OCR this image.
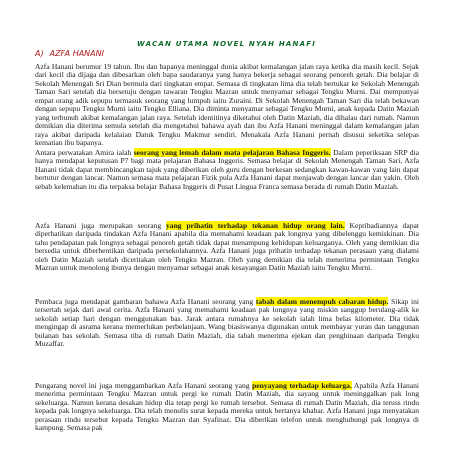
WACAN UTAMA NOVEL NYAH HANAFI
A) AZFA HANANI
Azfa Hanani berumur 19 tahun. Ibu dan bapanya meninggal dunia akibat kemalangan jalan raya ketika dia masih kecil. Sejak dari kecil dia dijaga dan dibesarkan oleh bapa saudaranya yang hanya bekerja sebagai seorang penoreh getah. Dia belajar di Sekolah Menengah Sri Dian bermula dari tingkatan empat. Semasa di tingkatan lima dia telah bertukar ke Sekolah Menengah Taman Sari setelah dia bersetuju dengan tawaran Tengku Mazran untuk menyamar sebagai Tengku Murni. Dai mempunyai empat orang adik sepupu termasuk seorang yang lumpuh iaitu Zuraini. Di Sekolah Menengah Taman Sari dia telah bekawan dengan sepupu Tengku Murni iaitu Tengku Elliana. Dia diminta menyamar sebagai Tengku Murni, anak kepada Datin Maziah yang terbunuh akibat kemalangan jalan raya. Setelah identitinya diketahui oleh Datin Maziah, dia dihalau dari rumah. Namun demikian dia diterima semula setelah dia mengetahui bahawa ayah dan ibu Azfa Hanani meninggal dalam kemalangan jalan raya akibat daripada kelalaian Datuk Tengku Makmur sendiri. Menakala Azfa Hanani pernah disusui seketika selepas kematian ibu bapanya.
Antara perwatakan Amira ialah seorang yang lemah dalam mata pelajaran Bahasa Inggeris. Dalam peperiksaan SRP dia hanya mendapat keputusan P7 bagi mata pelajaran Bahasa Inggeris. Semasa belajar di Sekolah Menengah Taman Sari, Azfa Hanani tidak dapat membincangkan tajuk yang diberikan oleh guru dengan berkesan sedangkan kawan-kawan yang lain dapat bertutur dengan lancar. Namun semasa mata pelajaran Fizik pula Azfa Hanani dapat menjawab dengan lancar dan yakin. Oleh sebab kelemahan itu dia terpaksa belajar Bahasa Inggeris di Pusat Lingua Franca semasa berada di rumah Datin Maziah.
Azfa Hanani juga merupakan seorang yang prihatin terhadap tekanan hidup orang lain. Kepribadiannya dapat diperhatikan daripada tindakan Azfa Hanani apabila dia memahami keadaan pak longnya yang dibelenggu kemiskinan. Dia tahu pendapatan pak longnya sebagai penoreh getah tidak dapat menampung kehidupan keluarganya. Oleh yang demikian dia bersedia untuk diberhentikan daripada persekolahannya. Azfa Hanani juga prihatin terhadap tekanan perasaan yang dialami oleh Datin Maziah setelah diceritakan oleh Tengku Mazran. Oleh yang demikian dia telah menerima permintaan Tengku Mazran untuk menolong ibunya dengan menyamar sebagai anak kesayangan Datin Maziah iaitu Tengku Murni.
Pembaca juga mendapat gambaran bahawa Azfa Hanani seorang yang tabah dalam menempuh cabaran hidup. Sikap ini tersertah sejak dari awal cerita. Azfa Hanani yang memahami keadaan pak longnya yang miskin sanggup berulang-alik ke sekolah setiap hari dengan menggunakan bas. Jarak antara rumahnya ke sekolah ialah lima belas kilometer. Dia tidak mengingap di asrama kerana memerlukan perbelanjaan. Wang biasiswanya digunakan untuk membayar yuran dan tanggunan bulanan bas sekolah. Semasa tiba di rumah Datin Maziah, dia tabah menerima ejekan dan penghinaan daripada Tengku Muzaffar.
Pengarang novel ini juga menggambarkan Azfa Hanani seorang yang penyayang terhadap keluarga. Apabila Azfa Hanani menerima permintaan Tengku Mazran untuk pergi ke rumah Datin Maziah, dia sayang untuk meninggalkan pak long sekeluarga. Namun kerana desakan hidup dia tetap pergi ke rumah tersebut. Semasa di rumah Datin Maziah, dia teruss rindu kepada pak longnya sekeluarga. Dia telah menulis surat kepada mereka untuk bertanya khabar. Azfa Hanani juga menyatakan perasaan rindu tersebut kepada Tengku Mazran dan Syafinaz. Dia diberikan telefon untuk menghubungi pak longnya di kampung. Semasa pak
